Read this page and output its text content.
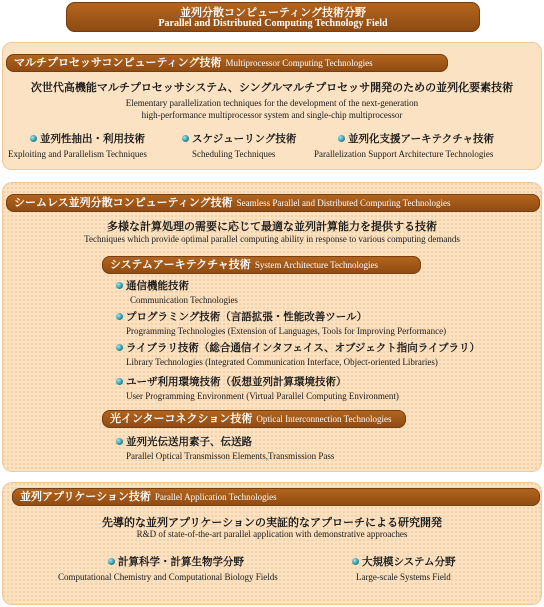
並列分散コンピューティング技術分野
Parallel and Distributed Computing Technology Field
マルチプロセッサコンピューティング技術 Multiprocessor Computing Technologies
次世代高機能マルチプロセッサシステム、シングルマルチプロセッサ開発のための並列化要素技術
Elementary parallelization techniques for the development of the next-generation
high-performance multiprocessor system and single-chip multiprocessor
並列性抽出・利用技術
Exploiting and Parallelism Techniques
スケジューリング技術
Scheduling Techniques
並列化支援アーキテクチャ技術
Parallelization Support Architecture Technologies
シームレス並列分散コンピューティング技術 Seamless Parallel and Distributed Computing Technologies
多様な計算処理の需要に応じて最適な並列計算能力を提供する技術
Techniques which provide optimal parallel computing ability in response to various computing demands
システムアーキテクチャ技術 System Architecture Technologies
通信機能技術
Communication Technologies
プログラミング技術（言語拡張・性能改善ツール）
Programming Technologies (Extension of Languages, Tools for Improving Performance)
ライブラリ技術（総合通信インタフェイス、オブジェクト指向ライブラリ）
Library Technologies (Integrated Communication Interface, Object-oriented Libraries)
ユーザ利用環境技術（仮想並列計算環境技術）
User Programming Environment (Virtual Parallel Computing Environment)
光インターコネクション技術 Optical Interconnection Technologies
並列光伝送用素子、伝送路
Parallel Optical Transmisson Elements,Transmission Pass
並列アプリケーション技術 Parallel Application Technologies
先導的な並列アプリケーションの実証的なアプローチによる研究開発
R&D of state-of-the-art parallel application with demonstrative approaches
計算科学・計算生物学分野
Computational Chemistry and Computational Biology Fields
大規模システム分野
Large-scale Systems Field
